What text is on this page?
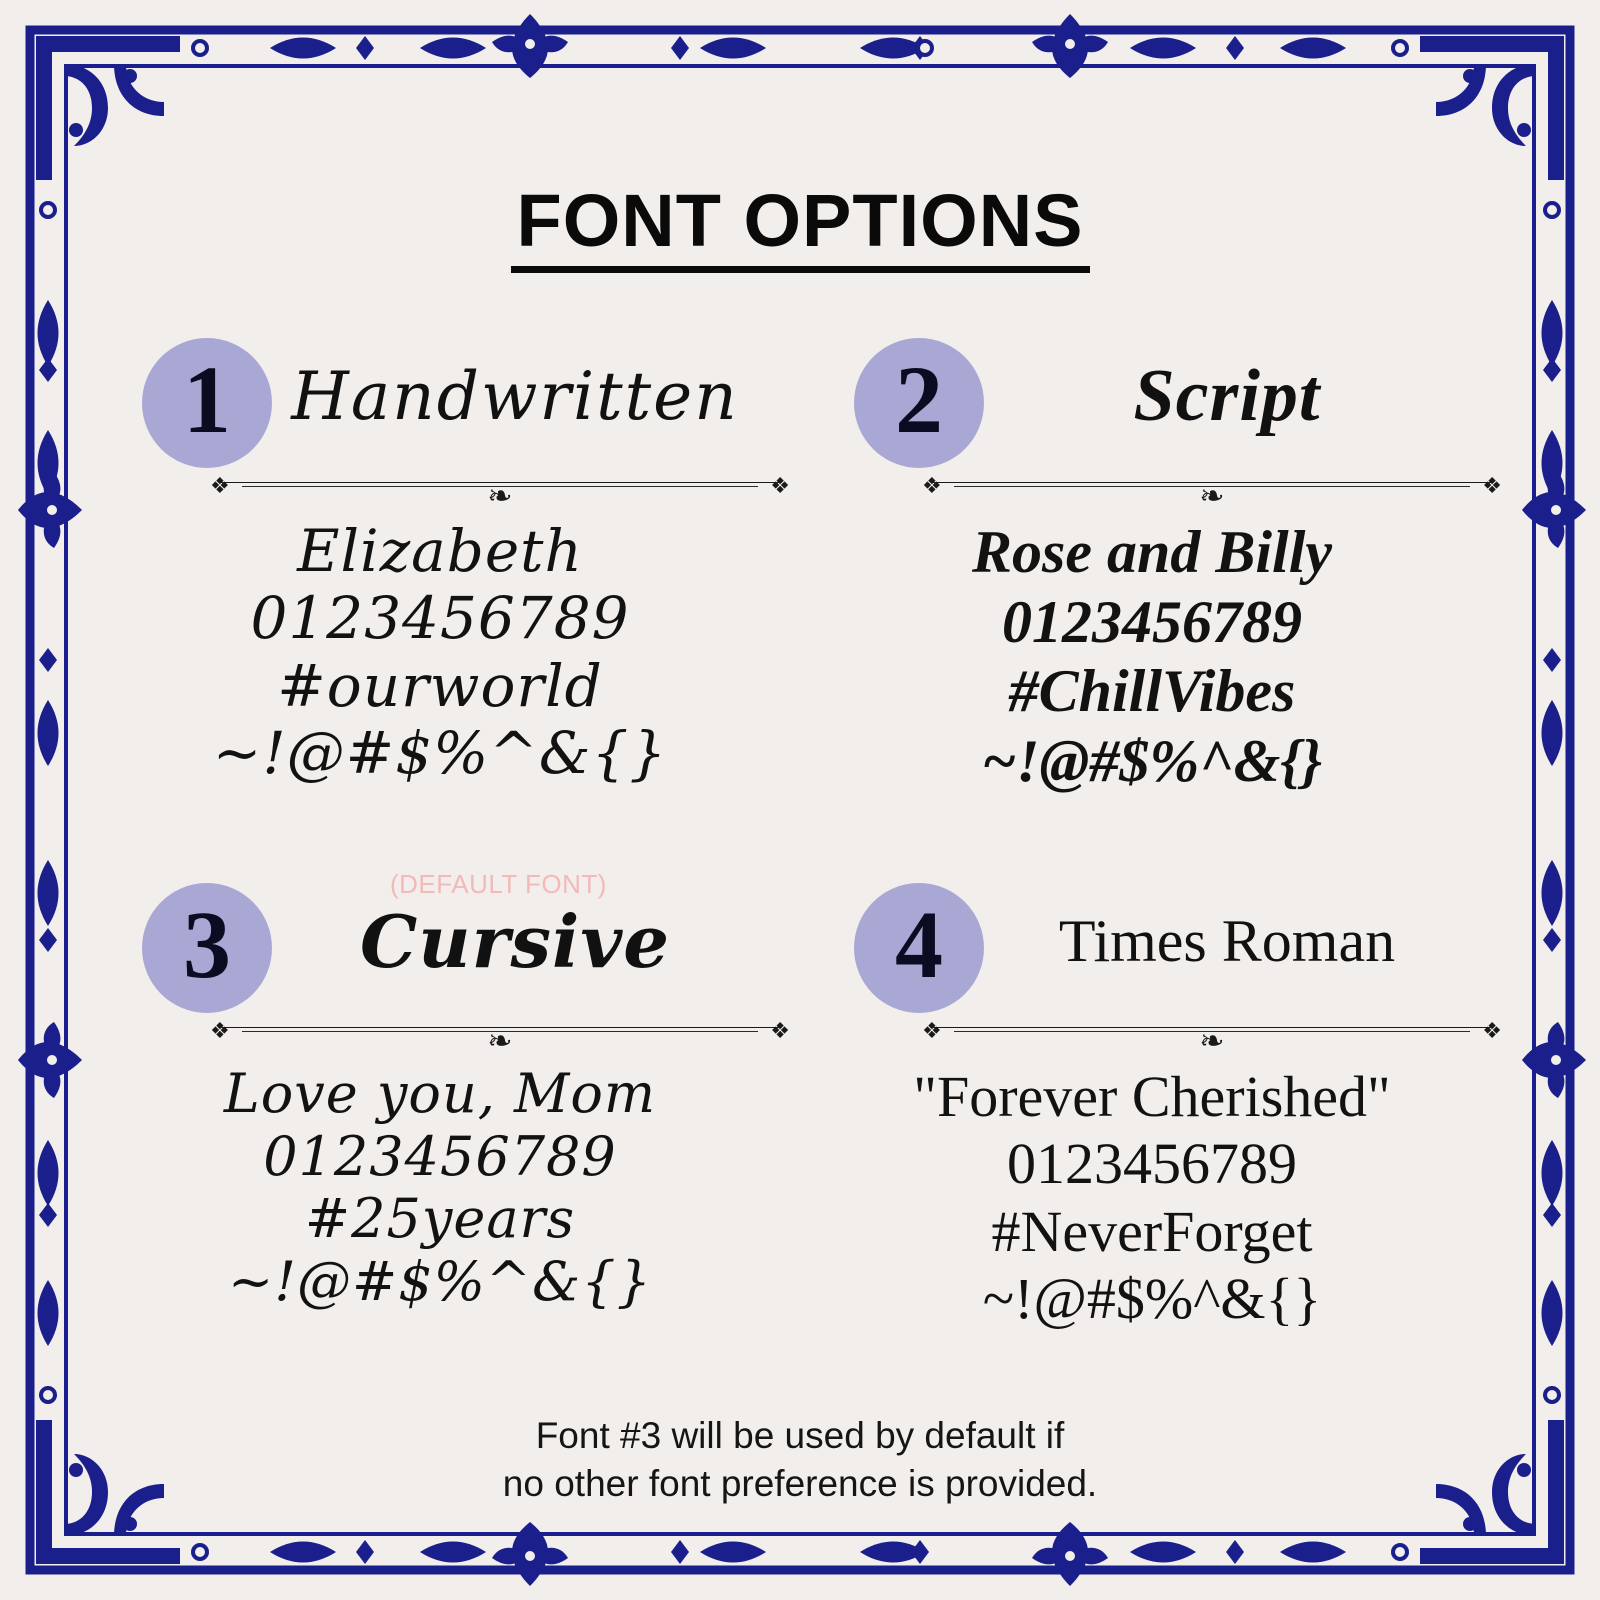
FONT OPTIONS
1 Handwritten
❖	❖
❧
Elizabeth
0123456789
#ourworld
~!@#$%^&{}
2	Script
❖	❖
❧
Rose and Billy
0123456789
#ChillVibes
~!@#$%^&{}
3
(DEFAULT FONT)
Cursive
❖	❖
❧
Love you, Mom
0123456789
#25years
~!@#$%^&{}
4	Times Roman
❖	❖
❧
"Forever Cherished"
0123456789
#NeverForget
~!@#$%^&{}
Font #3 will be used by default if
no other font preference is provided.
